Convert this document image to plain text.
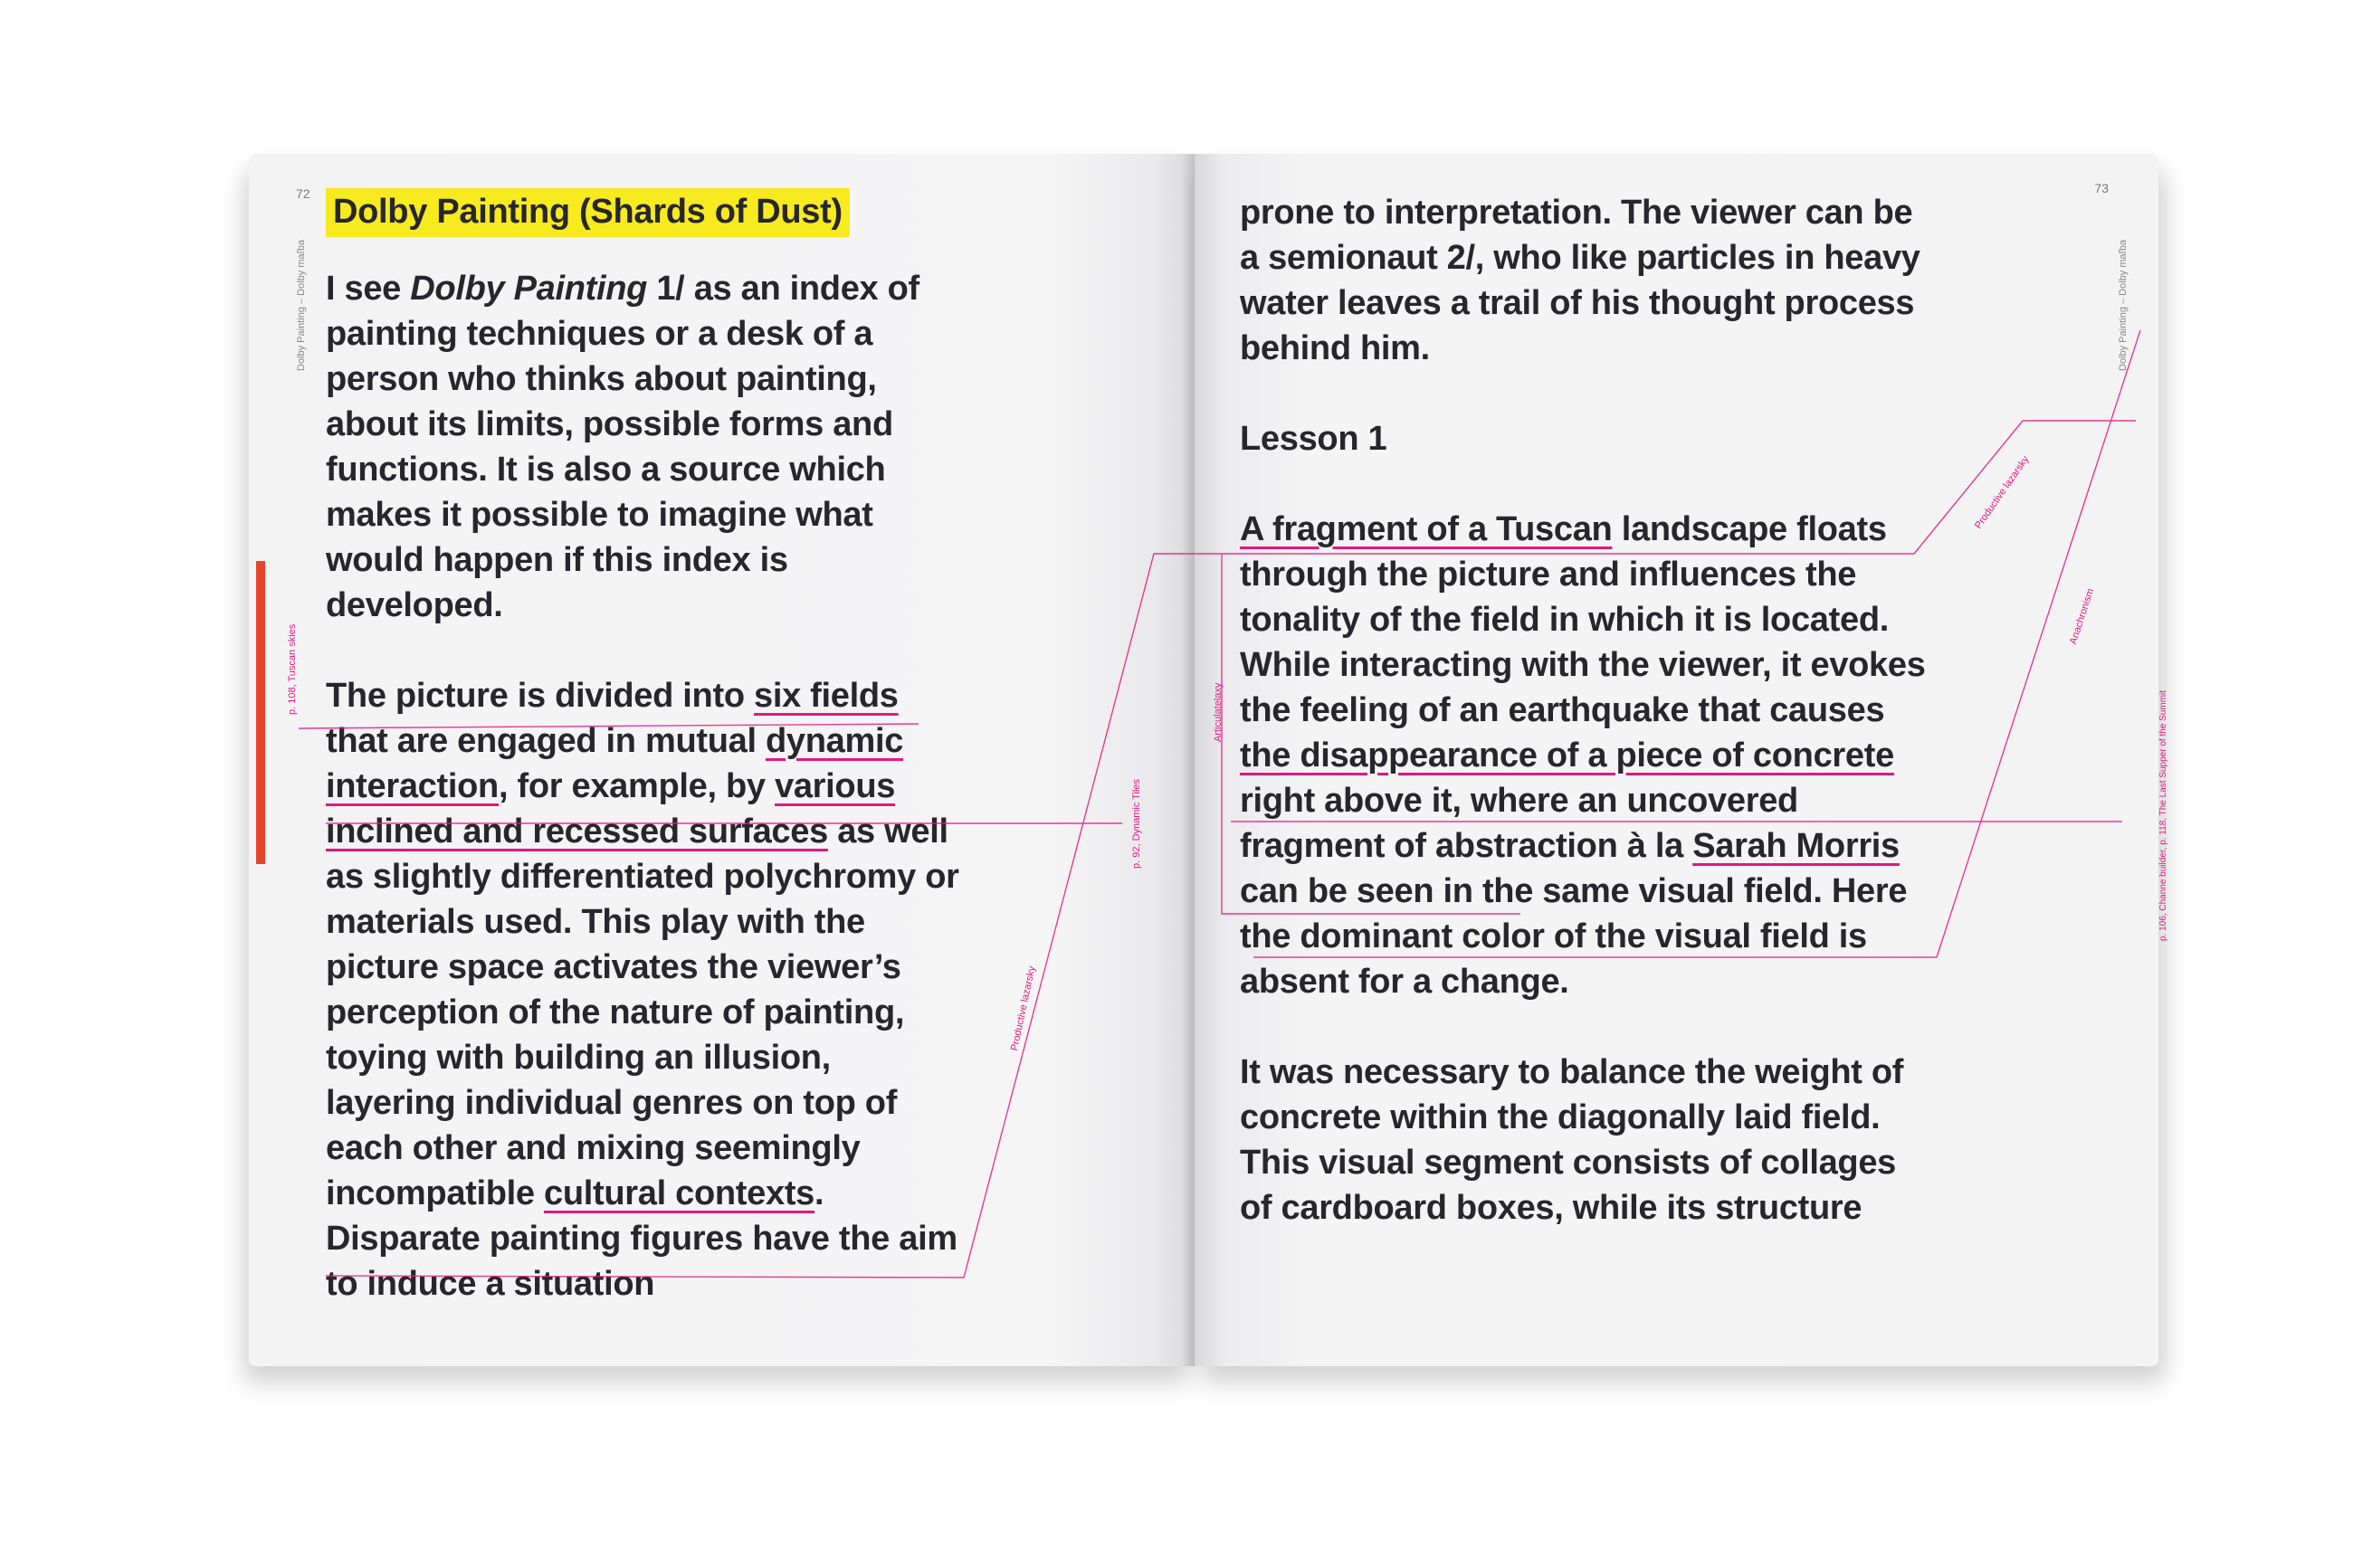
72
Dolby Painting – Dolby maľba
Dolby Painting (Shards of Dust)

I see Dolby Painting 1/ as an index of painting techniques or a desk of a person who thinks about painting, about its limits, possible forms and functions. It is also a source which makes it possible to imagine what would happen if this index is developed.

The picture is divided into six fields that are engaged in mutual dynamic interaction, for example, by various inclined and recessed surfaces as well as slightly differentiated polychromy or materials used. This play with the picture space activates the viewer’s perception of the nature of painting, toying with building an illusion, layering individual genres on top of each other and mixing seemingly incompatible cultural contexts. Disparate painting figures have the aim to induce a situation

p. 108, Tuscan skies
p. 92, Dynamic Tiles
Productive lazarsky
73
Dolby Painting – Dolby maľba

prone to interpretation. The viewer can be a semionaut 2/, who like particles in heavy water leaves a trail of his thought process behind him.

Lesson 1

A fragment of a Tuscan landscape floats through the picture and influences the tonality of the field in which it is located. While interacting with the viewer, it evokes the feeling of an earthquake that causes the disappearance of a piece of concrete right above it, where an uncovered fragment of abstraction à la Sarah Morris can be seen in the same visual field. Here the dominant color of the visual field is absent for a change.

It was necessary to balance the weight of concrete within the diagonally laid field. This visual segment consists of collages of cardboard boxes, while its structure

Productive lazarsky
Anachronism
Articulatelaxy	p. 106, Channe builder, p. 118, The Last Supper of the Summit
